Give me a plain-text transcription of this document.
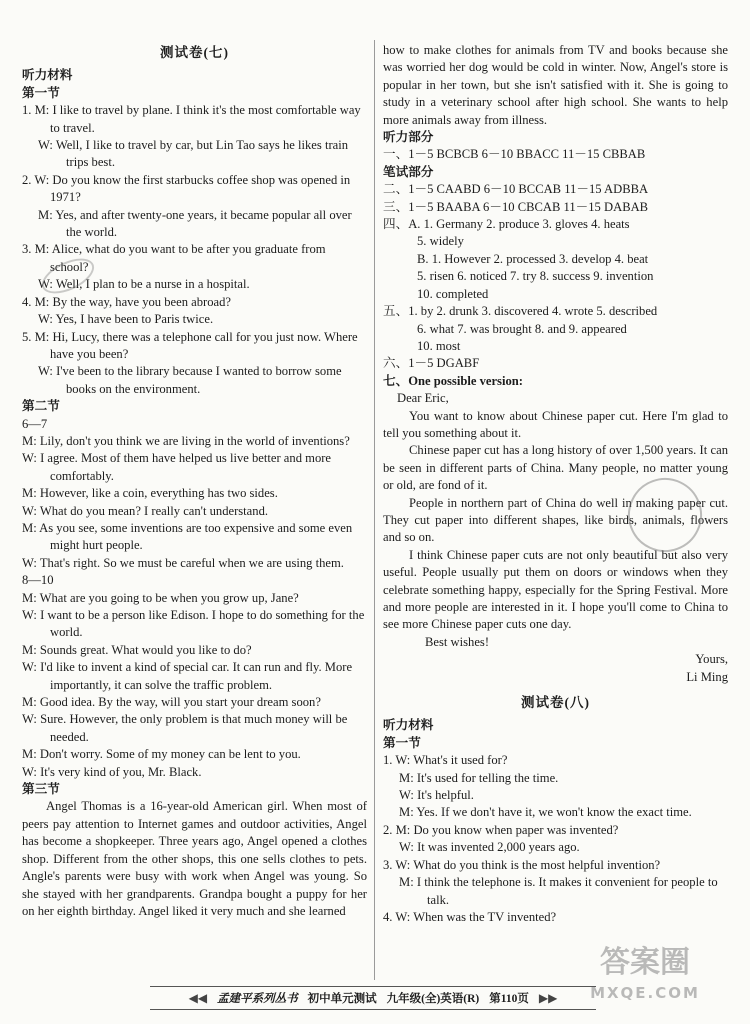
测试卷(七)
听力材料
第一节
1. M: I like to travel by plane. I think it's the most comfortable way to travel.
W: Well, I like to travel by car, but Lin Tao says he likes train trips best.
2. W: Do you know the first starbucks coffee shop was opened in 1971?
M: Yes, and after twenty-one years, it became popular all over the world.
3. M: Alice, what do you want to be after you graduate from school?
W: Well, I plan to be a nurse in a hospital.
4. M: By the way, have you been abroad?
W: Yes, I have been to Paris twice.
5. M: Hi, Lucy, there was a telephone call for you just now. Where have you been?
W: I've been to the library because I wanted to borrow some books on the environment.
第二节
6—7
M: Lily, don't you think we are living in the world of inventions?
W: I agree. Most of them have helped us live better and more comfortably.
M: However, like a coin, everything has two sides.
W: What do you mean? I really can't understand.
M: As you see, some inventions are too expensive and some even might hurt people.
W: That's right. So we must be careful when we are using them.
8—10
M: What are you going to be when you grow up, Jane?
W: I want to be a person like Edison. I hope to do something for the world.
M: Sounds great. What would you like to do?
W: I'd like to invent a kind of special car. It can run and fly. More importantly, it can solve the traffic problem.
M: Good idea. By the way, will you start your dream soon?
W: Sure. However, the only problem is that much money will be needed.
M: Don't worry. Some of my money can be lent to you.
W: It's very kind of you, Mr. Black.
第三节

Angel Thomas is a 16-year-old American girl. When most of peers pay attention to Internet games and outdoor activities, Angel has become a shopkeeper. Three years ago, Angel opened a clothes shop. Different from the other shops, this one sells clothes to pets. Angle's parents were busy with work when Angel was young. So she stayed with her grandparents. Grandpa bought a puppy for her on her eighth birthday. Angel liked it very much and she learned

how to make clothes for animals from TV and books because she was worried her dog would be cold in winter. Now, Angel's store is popular in her town, but she isn't satisfied with it. She is going to study in a veterinary school after high school. She wants to help more animals away from illness.

听力部分
一、1－5 BCBCB 6－10 BBACC 11－15 CBBAB
笔试部分
二、1－5 CAABD 6－10 BCCAB 11－15 ADBBA
三、1－5 BAABA 6－10 CBCAB 11－15 DABAB
四、A. 1. Germany 2. produce 3. gloves 4. heats
5. widely
B. 1. However 2. processed 3. develop 4. beat
5. risen 6. noticed 7. try 8. success 9. invention
10. completed
五、1. by 2. drunk 3. discovered 4. wrote 5. described
6. what 7. was brought 8. and 9. appeared
10. most
六、1－5 DGABF
七、One possible version:
Dear Eric,

You want to know about Chinese paper cut. Here I'm glad to tell you something about it.

Chinese paper cut has a long history of over 1,500 years. It can be seen in different parts of China. Many people, no matter young or old, are fond of it.

People in northern part of China do well in making paper cut. They cut paper into different shapes, like birds, animals, flowers and so on.

I think Chinese paper cuts are not only beautiful but also very useful. People usually put them on doors or windows when they celebrate something happy, especially for the Spring Festival. More and more people are interested in it. I hope you'll come to China to see more Chinese paper cuts one day.

Best wishes!
Yours,
Li Ming
测试卷(八)
听力材料
第一节
1. W: What's it used for?
M: It's used for telling the time.
W: It's helpful.
M: Yes. If we don't have it, we won't know the exact time.
2. M: Do you know when paper was invented?
W: It was invented 2,000 years ago.
3. W: What do you think is the most helpful invention?
M: I think the telephone is. It makes it convenient for people to talk.
4. W: When was the TV invented?
◀◀ 孟建平系列丛书 初中单元测试 九年级(全)英语(R) 第110页 ▶▶
答案圈
MXQE.COM
